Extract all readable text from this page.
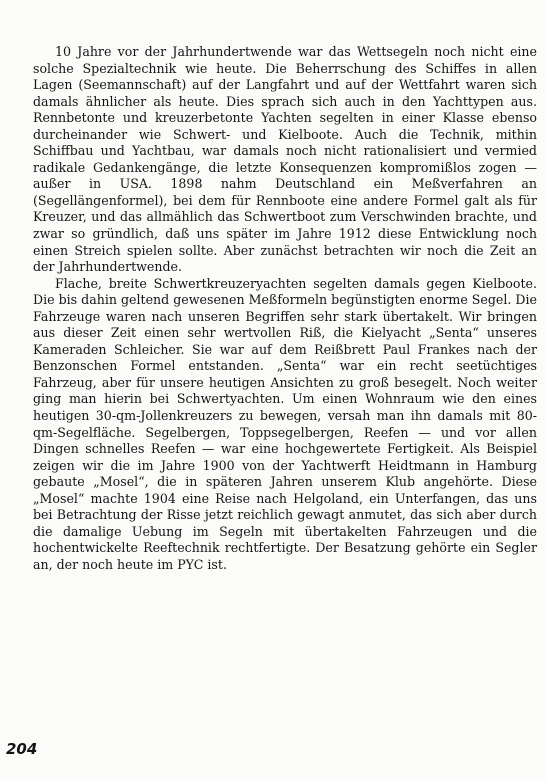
10 Jahre vor der Jahrhundertwende war das Wettsegeln noch nicht eine solche Spezialtechnik wie heute. Die Beherrschung des Schiffes in allen Lagen (Seemannschaft) auf der Langfahrt und auf der Wettfahrt waren sich damals ähnlicher als heute. Dies sprach sich auch in den Yachttypen aus. Rennbetonte und kreuzerbetonte Yachten segelten in einer Klasse ebenso durcheinander wie Schwert- und Kielboote. Auch die Technik, mithin Schiffbau und Yachtbau, war damals noch nicht rationalisiert und vermied radikale Gedankengänge, die letzte Konsequenzen kompromißlos zogen — außer in USA. 1898 nahm Deutschland ein Meßverfahren an (Segellängenformel), bei dem für Rennboote eine andere Formel galt als für Kreuzer, und das allmählich das Schwertboot zum Verschwinden brachte, und zwar so gründlich, daß uns später im Jahre 1912 diese Entwicklung noch einen Streich spielen sollte. Aber zunächst betrachten wir noch die Zeit an der Jahrhundertwende.

Flache, breite Schwertkreuzeryachten segelten damals gegen Kielboote. Die bis dahin geltend gewesenen Meßformeln begünstigten enorme Segel. Die Fahrzeuge waren nach unseren Begriffen sehr stark übertakelt. Wir bringen aus dieser Zeit einen sehr wertvollen Riß, die Kielyacht „Senta“ unseres Kameraden Schleicher. Sie war auf dem Reißbrett Paul Frankes nach der Benzonschen Formel entstanden. „Senta“ war ein recht seetüchtiges Fahrzeug, aber für unsere heutigen Ansichten zu groß besegelt. Noch weiter ging man hierin bei Schwertyachten. Um einen Wohnraum wie den eines heutigen 30-qm-Jollenkreuzers zu bewegen, versah man ihn damals mit 80-qm-Segelfläche. Segelbergen, Toppsegelbergen, Reefen — und vor allen Dingen schnelles Reefen — war eine hochgewertete Fertigkeit. Als Beispiel zeigen wir die im Jahre 1900 von der Yachtwerft Heidtmann in Hamburg gebaute „Mosel“, die in späteren Jahren unserem Klub angehörte. Diese „Mosel“ machte 1904 eine Reise nach Helgoland, ein Unterfangen, das uns bei Betrachtung der Risse jetzt reichlich gewagt anmutet, das sich aber durch die damalige Uebung im Segeln mit übertakelten Fahrzeugen und die hochentwickelte Reeftechnik rechtfertigte. Der Besatzung gehörte ein Segler an, der noch heute im PYC ist.

204
